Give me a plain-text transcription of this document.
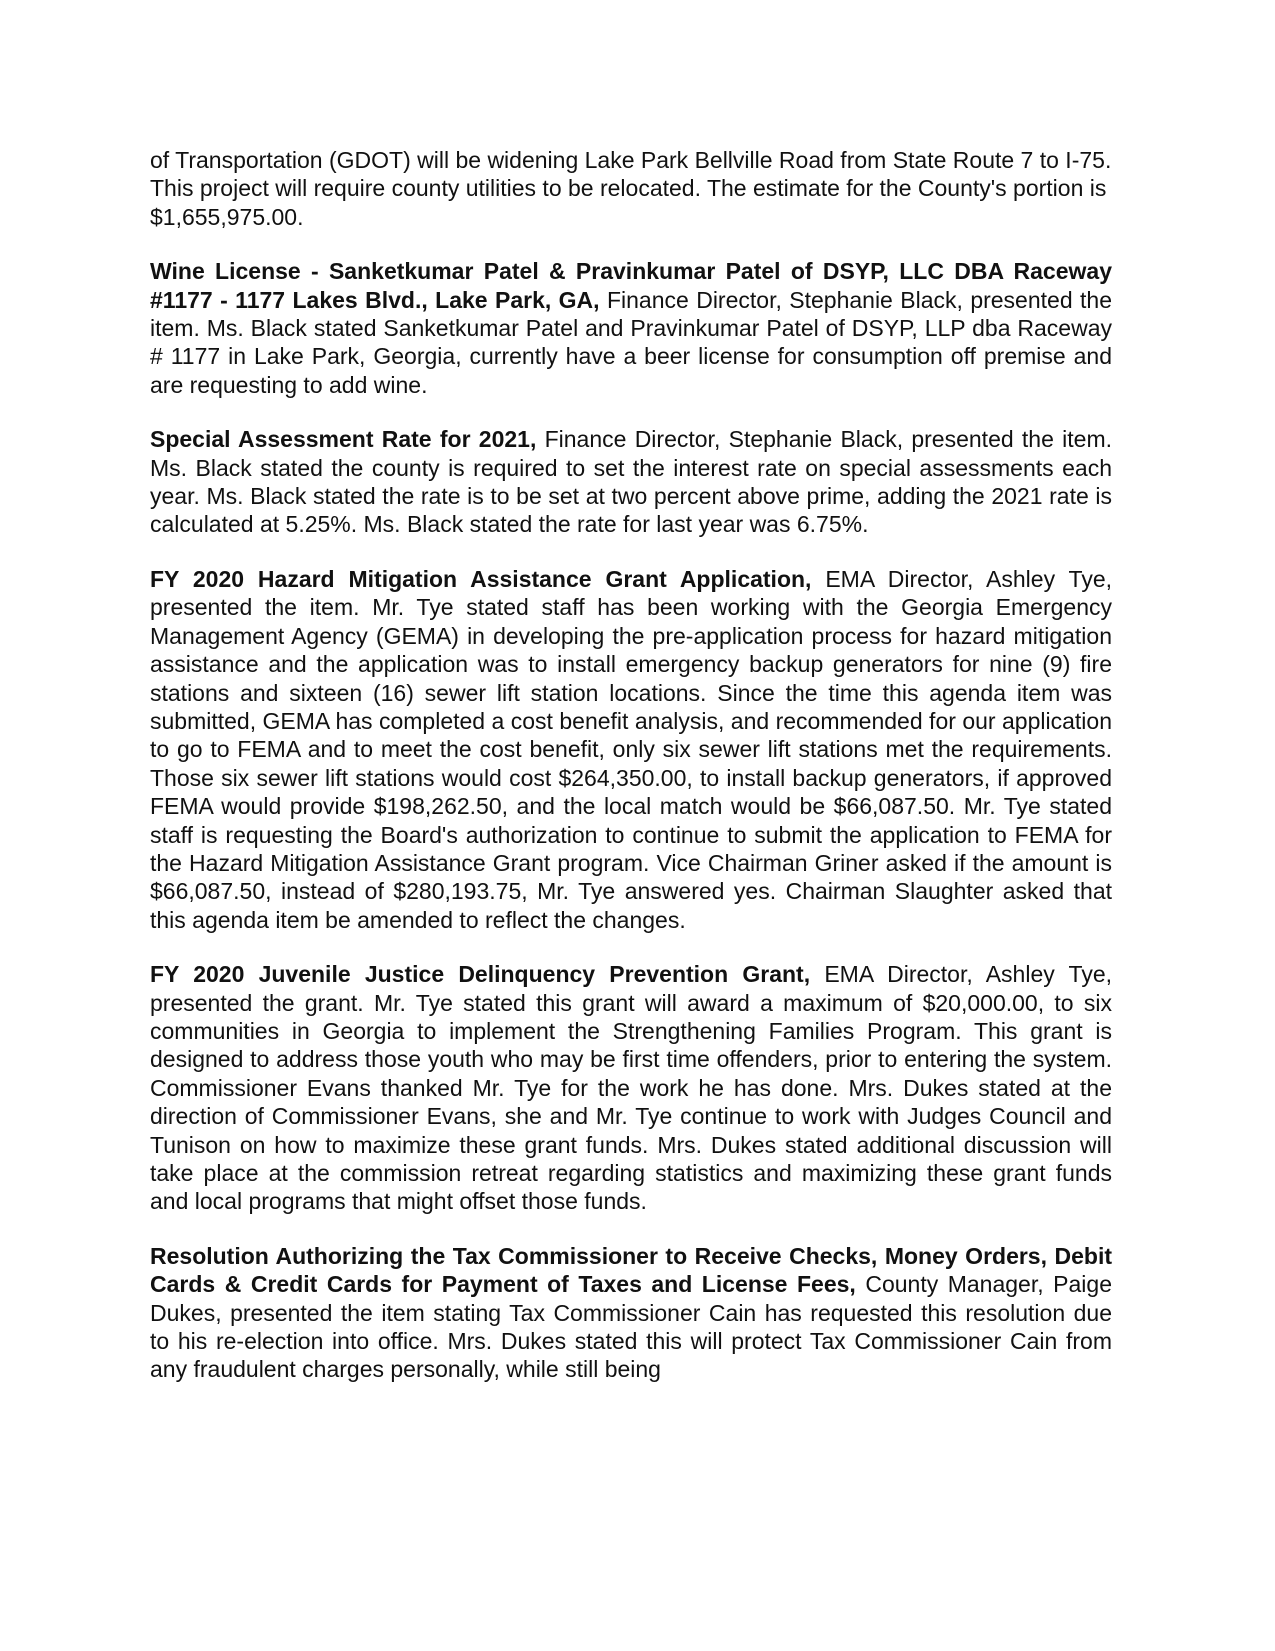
of Transportation (GDOT) will be widening Lake Park Bellville Road from State Route 7 to I-75. This project will require county utilities to be relocated. The estimate for the County's portion is $1,655,975.00.

Wine License - Sanketkumar Patel & Pravinkumar Patel of DSYP, LLC DBA Raceway #1177 - 1177 Lakes Blvd., Lake Park, GA, Finance Director, Stephanie Black, presented the item. Ms. Black stated Sanketkumar Patel and Pravinkumar Patel of DSYP, LLP dba Raceway # 1177 in Lake Park, Georgia, currently have a beer license for consumption off premise and are requesting to add wine.

Special Assessment Rate for 2021, Finance Director, Stephanie Black, presented the item. Ms. Black stated the county is required to set the interest rate on special assessments each year. Ms. Black stated the rate is to be set at two percent above prime, adding the 2021 rate is calculated at 5.25%. Ms. Black stated the rate for last year was 6.75%.

FY 2020 Hazard Mitigation Assistance Grant Application, EMA Director, Ashley Tye, presented the item. Mr. Tye stated staff has been working with the Georgia Emergency Management Agency (GEMA) in developing the pre-application process for hazard mitigation assistance and the application was to install emergency backup generators for nine (9) fire stations and sixteen (16) sewer lift station locations. Since the time this agenda item was submitted, GEMA has completed a cost benefit analysis, and recommended for our application to go to FEMA and to meet the cost benefit, only six sewer lift stations met the requirements. Those six sewer lift stations would cost $264,350.00, to install backup generators, if approved FEMA would provide $198,262.50, and the local match would be $66,087.50. Mr. Tye stated staff is requesting the Board's authorization to continue to submit the application to FEMA for the Hazard Mitigation Assistance Grant program. Vice Chairman Griner asked if the amount is $66,087.50, instead of $280,193.75, Mr. Tye answered yes. Chairman Slaughter asked that this agenda item be amended to reflect the changes.

FY 2020 Juvenile Justice Delinquency Prevention Grant, EMA Director, Ashley Tye, presented the grant. Mr. Tye stated this grant will award a maximum of $20,000.00, to six communities in Georgia to implement the Strengthening Families Program. This grant is designed to address those youth who may be first time offenders, prior to entering the system. Commissioner Evans thanked Mr. Tye for the work he has done. Mrs. Dukes stated at the direction of Commissioner Evans, she and Mr. Tye continue to work with Judges Council and Tunison on how to maximize these grant funds. Mrs. Dukes stated additional discussion will take place at the commission retreat regarding statistics and maximizing these grant funds and local programs that might offset those funds.

Resolution Authorizing the Tax Commissioner to Receive Checks, Money Orders, Debit Cards & Credit Cards for Payment of Taxes and License Fees, County Manager, Paige Dukes, presented the item stating Tax Commissioner Cain has requested this resolution due to his re-election into office. Mrs. Dukes stated this will protect Tax Commissioner Cain from any fraudulent charges personally, while still being
